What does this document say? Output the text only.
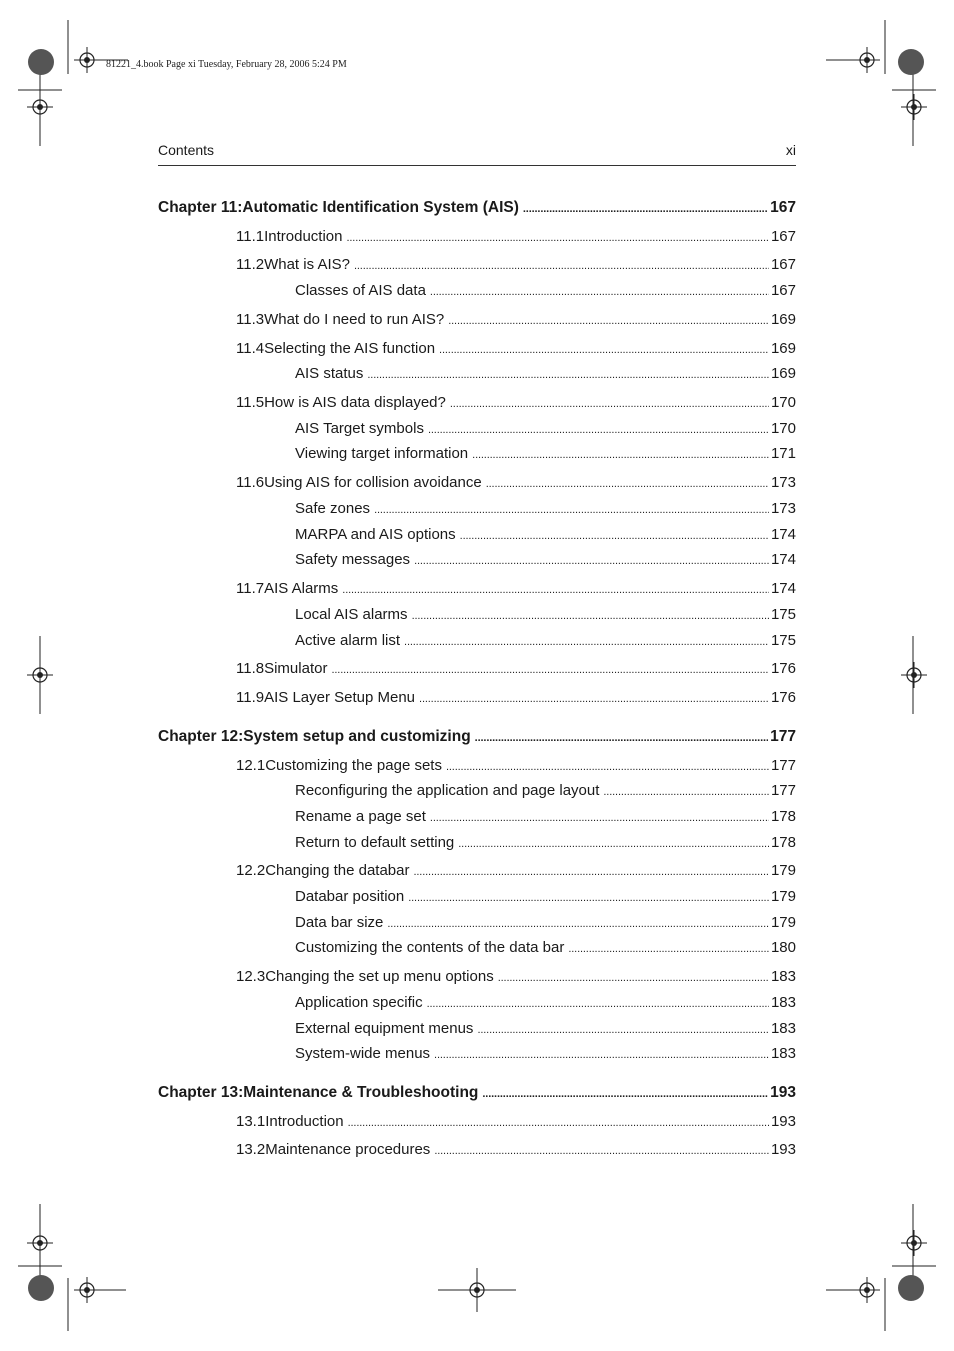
81221_4.book Page xi Tuesday, February 28, 2006 5:24 PM
Contents	xi
Chapter 11: Automatic Identification System (AIS) . . .	167
11.1 Introduction . . .	167
11.2 What is AIS? . . .	167
Classes of AIS data . . .	167
11.3 What do I need to run AIS? . . .	169
11.4 Selecting the AIS function . . .	169
AIS status . . .	169
11.5 How is AIS data displayed? . . .	170
AIS Target symbols . . .	170
Viewing target information . . .	171
11.6 Using AIS for collision avoidance . . .	173
Safe zones . . .	173
MARPA and AIS options . . .	174
Safety messages . . .	174
11.7 AIS Alarms . . .	174
Local AIS alarms . . .	175
Active alarm list . . .	175
11.8 Simulator . . .	176
11.9 AIS Layer Setup Menu . . .	176
Chapter 12: System setup and customizing . . .	177
12.1 Customizing the page sets . . .	177
Reconfiguring the application and page layout . . .	177
Rename a page set . . .	178
Return to default setting . . .	178
12.2 Changing the databar . . .	179
Databar position . . .	179
Data bar size . . .	179
Customizing the contents of the data bar . . .	180
12.3 Changing the set up menu options . . .	183
Application specific . . .	183
External equipment menus . . .	183
System-wide menus . . .	183
Chapter 13: Maintenance & Troubleshooting . . .	193
13.1 Introduction . . .	193
13.2 Maintenance procedures . . .	193
